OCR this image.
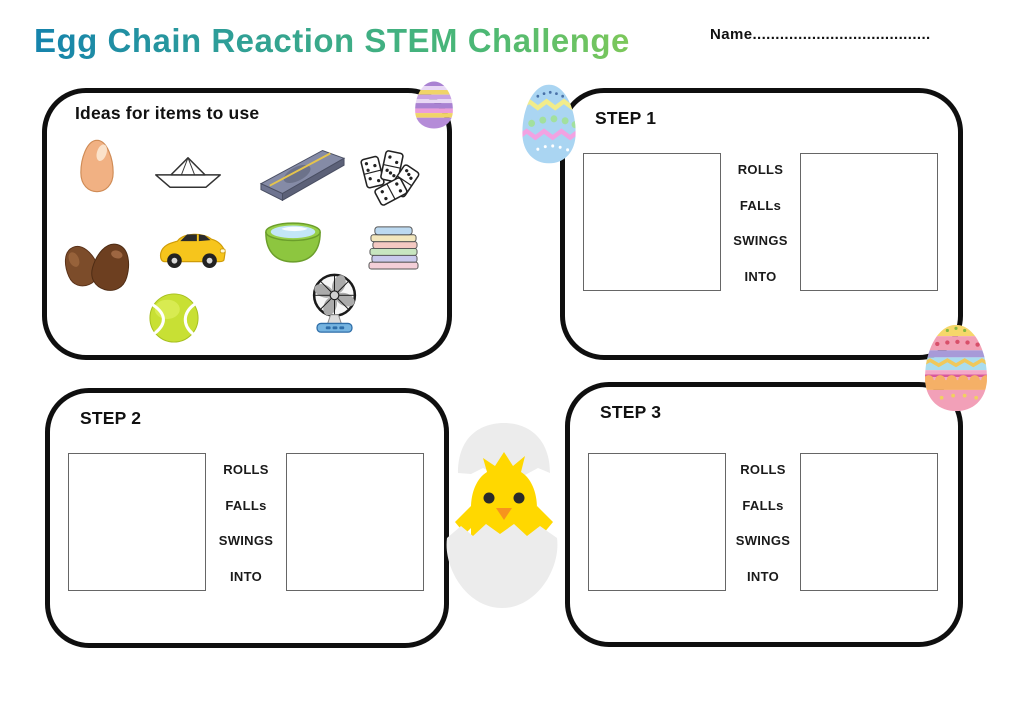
Egg Chain Reaction STEM Challenge	Name.......................................
Ideas for items to use	STEP 1
ROLLS
FALLs
SWINGS
INTO
STEP 2
ROLLS
FALLs
SWINGS
INTO
STEP 3
ROLLS
FALLs
SWINGS
INTO
